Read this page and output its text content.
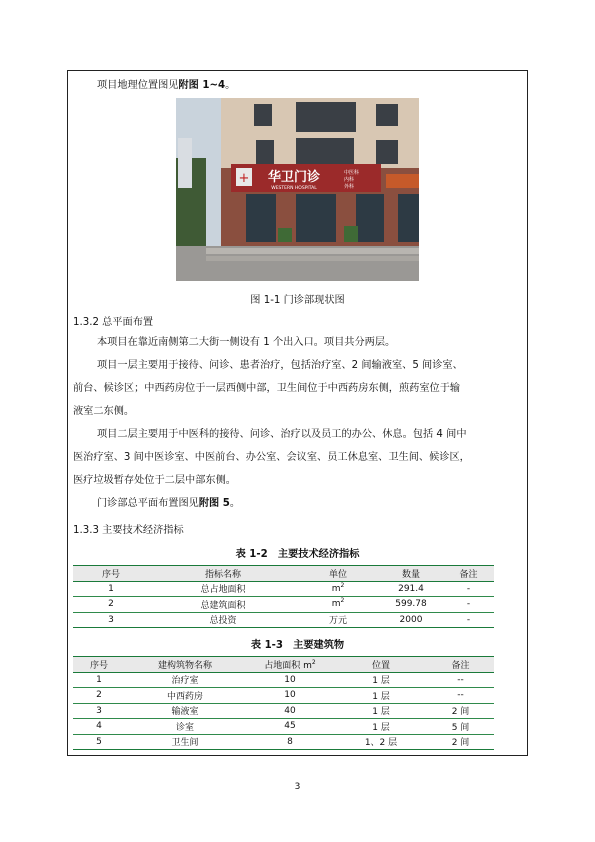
项目地理位置图见附图 1~4。
+ 华卫门诊
WESTERN HOSPITAL
中医科
内科
外科
图 1-1 门诊部现状图
1.3.2 总平面布置
本项目在靠近南侧第二大街一侧设有 1 个出入口。项目共分两层。
项目一层主要用于接待、问诊、患者治疗，包括治疗室、2 间输液室、5 间诊室、
前台、候诊区；中西药房位于一层西侧中部，卫生间位于中西药房东侧，煎药室位于输
液室二东侧。
项目二层主要用于中医科的接待、问诊、治疗以及员工的办公、休息。包括 4 间中
医治疗室、3 间中医诊室、中医前台、办公室、会议室、员工休息室、卫生间、候诊区，
医疗垃圾暂存处位于二层中部东侧。
门诊部总平面布置图见附图 5。
1.3.3 主要技术经济指标
表 1-2　主要技术经济指标
序号	指标名称	单位	数量	备注
1	总占地面积	$m^2$	291.4	-
2	总建筑面积	$m^2$	599.78	-
3	总投资	万元	2000	-
表 1-3　主要建筑物
序号	建构筑物名称	占地面积 $m^2$	位置	备注
1	治疗室	10	1 层	--
2	中西药房	10	1 层	--
3	输液室	40	1 层	2 间
4	诊室	45	1 层	5 间
5	卫生间	8	1、2 层	2 间
3
